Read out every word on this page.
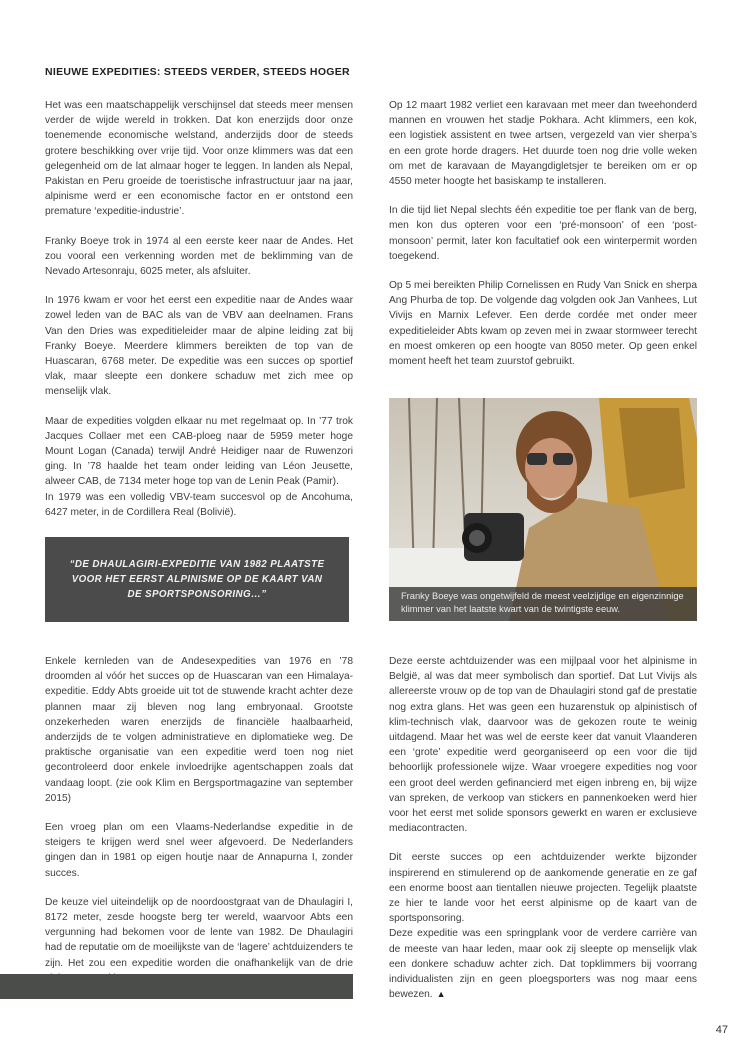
NIEUWE EXPEDITIES: STEEDS VERDER, STEEDS HOGER

Het was een maatschappelijk verschijnsel dat steeds meer mensen verder de wijde wereld in trokken. Dat kon enerzijds door onze toenemende economische welstand, anderzijds door de steeds grotere beschikking over vrije tijd. Voor onze klimmers was dat een gelegenheid om de lat almaar hoger te leggen. In landen als Nepal, Pakistan en Peru groeide de toeristische infrastructuur jaar na jaar, alpinisme werd er een economische factor en er ontstond een premature ‘expeditie-industrie’.

Franky Boeye trok in 1974 al een eerste keer naar de Andes. Het zou vooral een verkenning worden met de beklimming van de Nevado Artesonraju, 6025 meter, als afsluiter.

In 1976 kwam er voor het eerst een expeditie naar de Andes waar zowel leden van de BAC als van de VBV aan deelnamen. Frans Van den Dries was expeditieleider maar de alpine leiding zat bij Franky Boeye. Meerdere klimmers bereikten de top van de Huascaran, 6768 meter. De expeditie was een succes op sportief vlak, maar sleepte een donkere schaduw met zich mee op menselijk vlak.

Maar de expedities volgden elkaar nu met regelmaat op. In ’77 trok Jacques Collaer met een CAB-ploeg naar de 5959 meter hoge Mount Logan (Canada) terwijl André Heidiger naar de Ruwenzori ging. In ’78 haalde het team onder leiding van Léon Jeusette, alweer CAB, de 7134 meter hoge top van de Lenin Peak (Pamir).

In 1979 was een volledig VBV-team succesvol op de Ancohuma, 6427 meter, in de Cordillera Real (Bolivië).

Op 12 maart 1982 verliet een karavaan met meer dan tweehonderd mannen en vrouwen het stadje Pokhara. Acht klimmers, een kok, een logistiek assistent en twee artsen, vergezeld van vier sherpa’s en een grote horde dragers. Het duurde toen nog drie volle weken om met de karavaan de Mayangdigletsjer te bereiken om er op 4550 meter hoogte het basiskamp te installeren.

In die tijd liet Nepal slechts één expeditie toe per flank van de berg, men kon dus opteren voor een ‘pré-monsoon’ of een ‘post-monsoon’ permit, later kon facultatief ook een winterpermit worden toegekend.

Op 5 mei bereikten Philip Cornelissen en Rudy Van Snick en sherpa Ang Phurba de top. De volgende dag volgden ook Jan Vanhees, Lut Vivijs en Marnix Lefever. Een derde cordée met onder meer expeditieleider Abts kwam op zeven mei in zwaar stormweer terecht en moest omkeren op een hoogte van 8050 meter. Op geen enkel moment heeft het team zuurstof gebruikt.

“DE DHAULAGIRI-EXPEDITIE VAN 1982 PLAATSTE VOOR HET EERST ALPINISME OP DE KAART VAN DE SPORTSPONSORING…”	Franky Boeye was ongetwijfeld de meest veelzijdige en eigenzinnige klimmer van het laatste kwart van de twintigste eeuw.

Enkele kernleden van de Andesexpedities van 1976 en ’78 droomden al vóór het succes op de Huascaran van een Himalaya-expeditie. Eddy Abts groeide uit tot de stuwende kracht achter deze plannen maar zij bleven nog lang embryonaal. Grootste onzekerheden waren enerzijds de financiële haalbaarheid, anderzijds de te volgen administratieve en diplomatieke weg. De praktische organisatie van een expeditie werd toen nog niet gecontroleerd door enkele invloedrijke agentschappen zoals dat vandaag loopt. (zie ook Klim en Bergsportmagazine van september 2015)

Een vroeg plan om een Vlaams-Nederlandse expeditie in de steigers te krijgen werd snel weer afgevoerd. De Nederlanders gingen dan in 1981 op eigen houtje naar de Annapurna I, zonder succes.

De keuze viel uiteindelijk op de noordoostgraat van de Dhaulagiri I, 8172 meter, zesde hoogste berg ter wereld, waarvoor Abts een vergunning had bekomen voor de lente van 1982. De Dhaulagiri had de reputatie om de moeilijkste van de ‘lagere’ achtduizenders te zijn. Het zou een expeditie worden die onafhankelijk van de drie

Deze eerste achtduizender was een mijlpaal voor het alpinisme in België, al was dat meer symbolisch dan sportief. Dat Lut Vivijs als allereerste vrouw op de top van de Dhaulagiri stond gaf de prestatie nog extra glans. Het was geen een huzarenstuk op alpinistisch of klim-technisch vlak, daarvoor was de gekozen route te weinig uitdagend. Maar het was wel de eerste keer dat vanuit Vlaanderen een ‘grote’ expeditie werd georganiseerd op een voor die tijd behoorlijk professionele wijze. Waar vroegere expedities nog voor een groot deel werden gefinancierd met eigen inbreng en, bij wijze van spreken, de verkoop van stickers en pannenkoeken werd hier voor het eerst met solide sponsors gewerkt en waren er exclusieve mediacontracten.

Dit eerste succes op een achtduizender werkte bijzonder inspirerend en stimulerend op de aankomende generatie en ze gaf een enorme boost aan tientallen nieuwe projecten. Tegelijk plaatste ze hier te lande voor het eerst alpinisme op de kaart van de sportsponsoring.

Deze expeditie was een springplank voor de verdere carrière van de meeste van haar leden, maar ook zij sleepte op menselijk vlak een donkere schaduw achter zich. Dat topklimmers bij voorrang individualisten zijn en geen ploegsporters was nog maar eens bewezen. ▲

47
